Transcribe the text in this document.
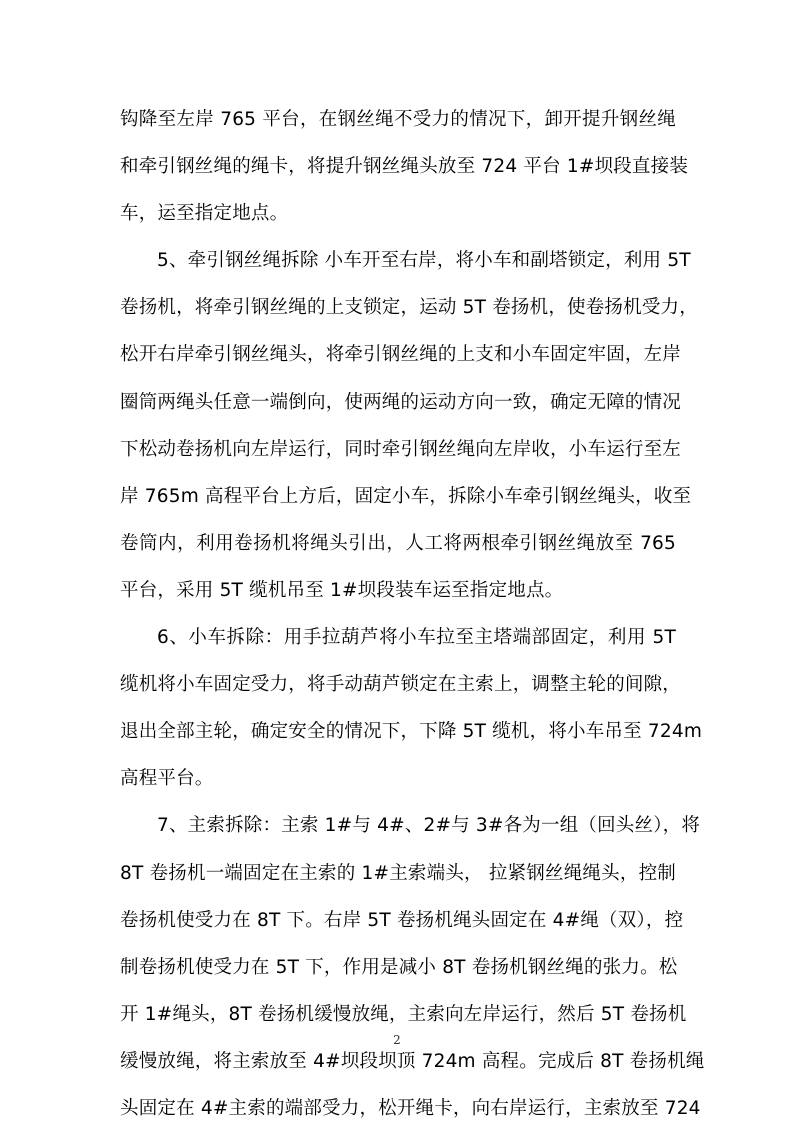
钩降至左岸 765 平台，在钢丝绳不受力的情况下，卸开提升钢丝绳
和牵引钢丝绳的绳卡，将提升钢丝绳头放至 724 平台 1#坝段直接装
车，运至指定地点。
5、牵引钢丝绳拆除 小车开至右岸，将小车和副塔锁定，利用 5T
卷扬机，将牵引钢丝绳的上支锁定，运动 5T 卷扬机，使卷扬机受力，
松开右岸牵引钢丝绳头，将牵引钢丝绳的上支和小车固定牢固，左岸
圈筒两绳头任意一端倒向，使两绳的运动方向一致，确定无障的情况
下松动卷扬机向左岸运行，同时牵引钢丝绳向左岸收，小车运行至左
岸 765m 高程平台上方后，固定小车，拆除小车牵引钢丝绳头，收至
卷筒内，利用卷扬机将绳头引出，人工将两根牵引钢丝绳放至 765
平台，采用 5T 缆机吊至 1#坝段装车运至指定地点。
6、小车拆除：用手拉葫芦将小车拉至主塔端部固定，利用 5T
缆机将小车固定受力，将手动葫芦锁定在主索上，调整主轮的间隙，
退出全部主轮，确定安全的情况下，下降 5T 缆机，将小车吊至 724m
高程平台。
7、主索拆除：主索 1#与 4#、2#与 3#各为一组（回头丝），将
8T 卷扬机一端固定在主索的 1#主索端头， 拉紧钢丝绳绳头，控制
卷扬机使受力在 8T 下。右岸 5T 卷扬机绳头固定在 4#绳（双），控
制卷扬机使受力在 5T 下，作用是减小 8T 卷扬机钢丝绳的张力。松
开 1#绳头，8T 卷扬机缓慢放绳，主索向左岸运行，然后 5T 卷扬机
缓慢放绳，将主索放至 4#坝段坝顶 724m 高程。完成后 8T 卷扬机绳
头固定在 4#主索的端部受力，松开绳卡，向右岸运行，主索放至 724
2
